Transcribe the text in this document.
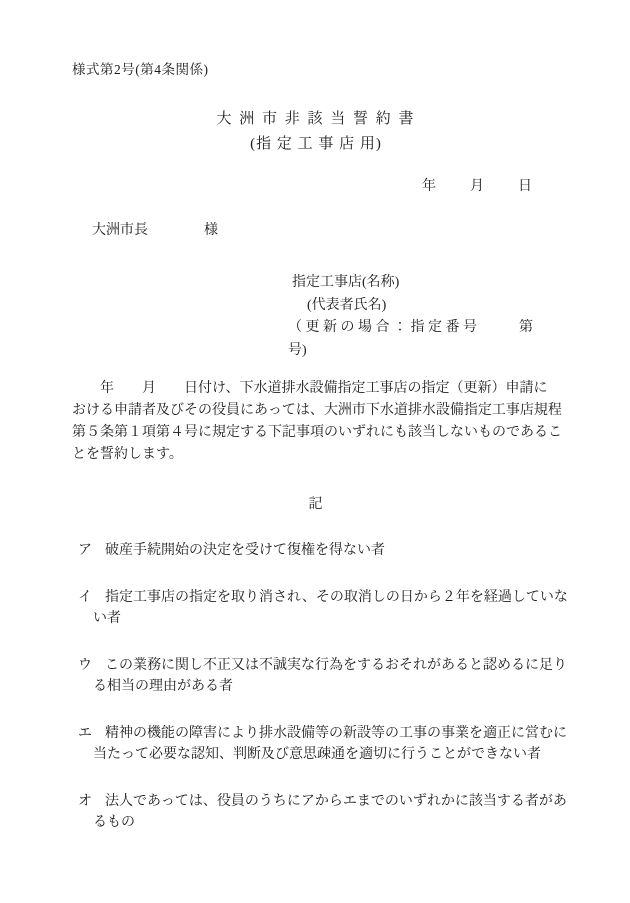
様式第2号(第4条関係)
大 洲 市 非 該 当 誓 約 書
(指 定 工 事 店 用)
年　　月　　日
大洲市長　　　　様
指定工事店(名称)
(代表者氏名)
（ 更 新 の 場 合 ： 指 定 番 号　　　第
号)
　　年　　月　　日付け、下水道排水設備指定工事店の指定（更新）申請に
おける申請者及びその役員にあっては、大洲市下水道排水設備指定工事店規程
第５条第１項第４号に規定する下記事項のいずれにも該当しないものであるこ
とを誓約します。
記
ア 破産手続開始の決定を受けて復権を得ない者
イ 指定工事店の指定を取り消され、その取消しの日から２年を経過していな
い者
ウ この業務に関し不正又は不誠実な行為をするおそれがあると認めるに足り
る相当の理由がある者
エ 精神の機能の障害により排水設備等の新設等の工事の事業を適正に営むに
当たって必要な認知、判断及び意思疎通を適切に行うことができない者
オ 法人であっては、役員のうちにアからエまでのいずれかに該当する者があ
るもの
